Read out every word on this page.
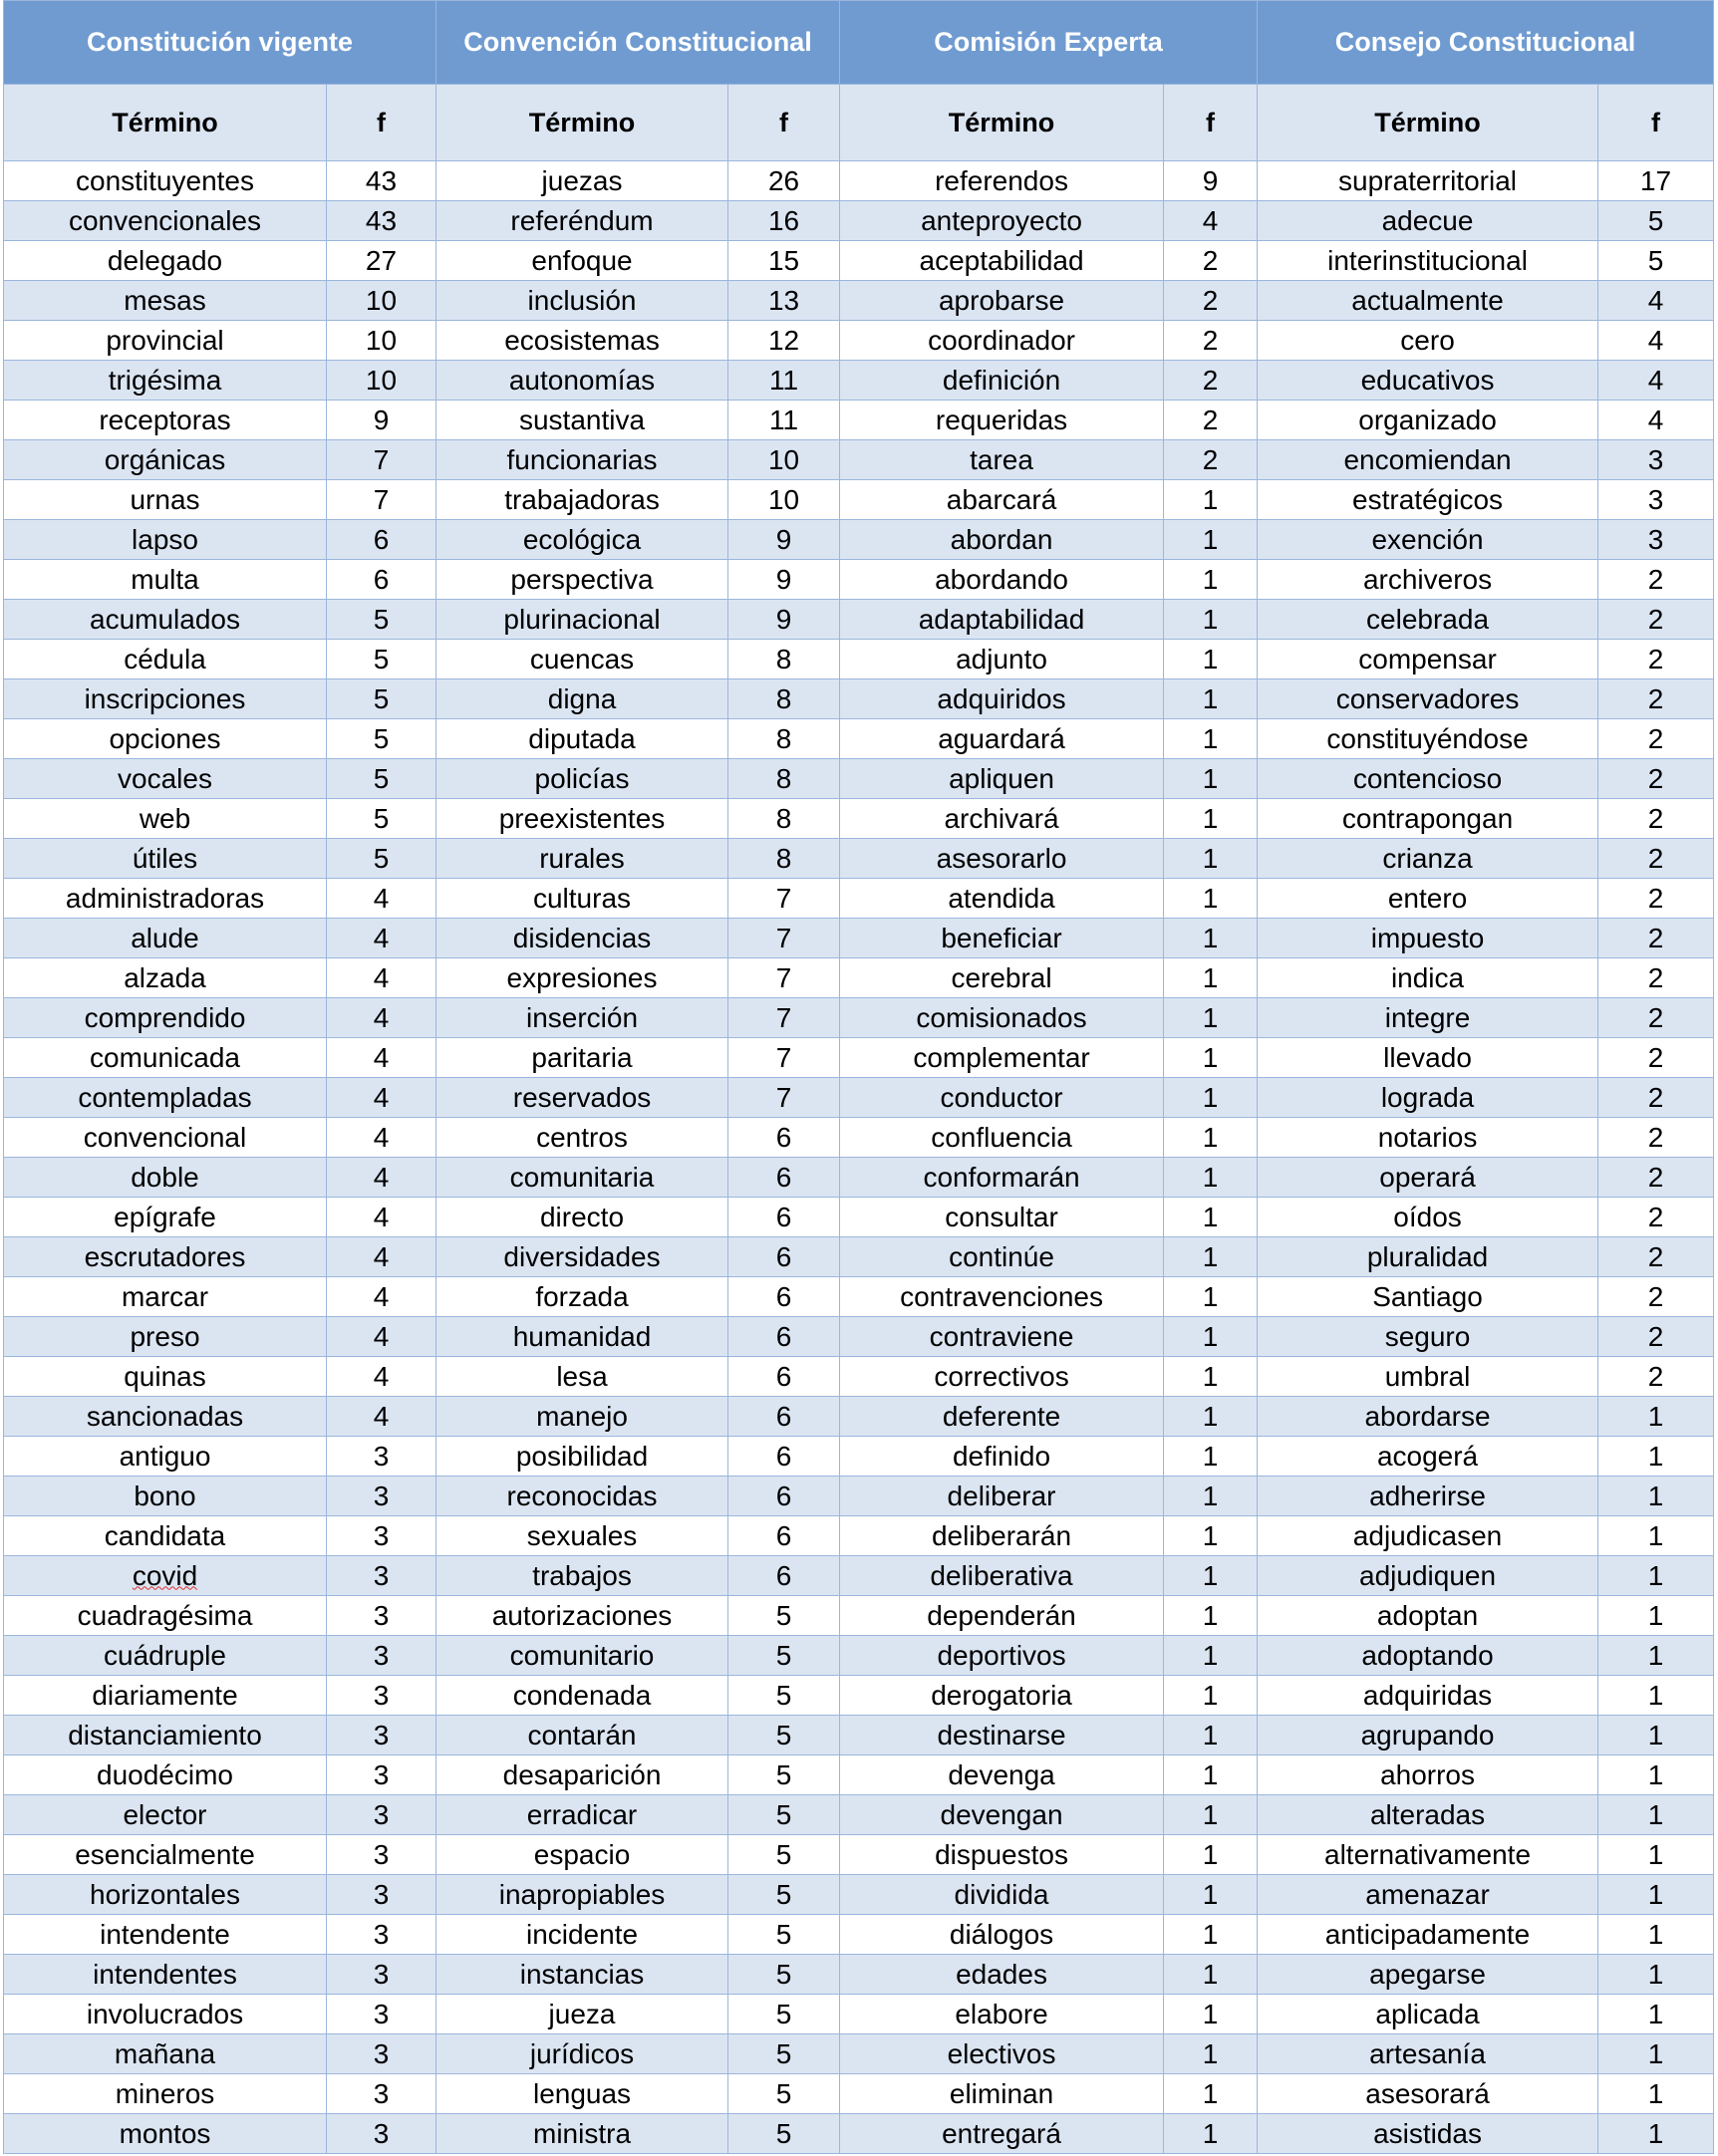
Constitución vigente		Convención Constitucional		Comisión Experta		Consejo Constitucional	
Término	f	Término	f	Término	f	Término	f
constituyentes	43	juezas	26	referendos	9	supraterritorial	17
convencionales	43	referéndum	16	anteproyecto	4	adecue	5
delegado	27	enfoque	15	aceptabilidad	2	interinstitucional	5
mesas	10	inclusión	13	aprobarse	2	actualmente	4
provincial	10	ecosistemas	12	coordinador	2	cero	4
trigésima	10	autonomías	11	definición	2	educativos	4
receptoras	9	sustantiva	11	requeridas	2	organizado	4
orgánicas	7	funcionarias	10	tarea	2	encomiendan	3
urnas	7	trabajadoras	10	abarcará	1	estratégicos	3
lapso	6	ecológica	9	abordan	1	exención	3
multa	6	perspectiva	9	abordando	1	archiveros	2
acumulados	5	plurinacional	9	adaptabilidad	1	celebrada	2
cédula	5	cuencas	8	adjunto	1	compensar	2
inscripciones	5	digna	8	adquiridos	1	conservadores	2
opciones	5	diputada	8	aguardará	1	constituyéndose	2
vocales	5	policías	8	apliquen	1	contencioso	2
web	5	preexistentes	8	archivará	1	contrapongan	2
útiles	5	rurales	8	asesorarlo	1	crianza	2
administradoras	4	culturas	7	atendida	1	entero	2
alude	4	disidencias	7	beneficiar	1	impuesto	2
alzada	4	expresiones	7	cerebral	1	indica	2
comprendido	4	inserción	7	comisionados	1	integre	2
comunicada	4	paritaria	7	complementar	1	llevado	2
contempladas	4	reservados	7	conductor	1	lograda	2
convencional	4	centros	6	confluencia	1	notarios	2
doble	4	comunitaria	6	conformarán	1	operará	2
epígrafe	4	directo	6	consultar	1	oídos	2
escrutadores	4	diversidades	6	continúe	1	pluralidad	2
marcar	4	forzada	6	contravenciones	1	Santiago	2
preso	4	humanidad	6	contraviene	1	seguro	2
quinas	4	lesa	6	correctivos	1	umbral	2
sancionadas	4	manejo	6	deferente	1	abordarse	1
antiguo	3	posibilidad	6	definido	1	acogerá	1
bono	3	reconocidas	6	deliberar	1	adherirse	1
candidata	3	sexuales	6	deliberarán	1	adjudicasen	1
covid	3	trabajos	6	deliberativa	1	adjudiquen	1
cuadragésima	3	autorizaciones	5	dependerán	1	adoptan	1
cuádruple	3	comunitario	5	deportivos	1	adoptando	1
diariamente	3	condenada	5	derogatoria	1	adquiridas	1
distanciamiento	3	contarán	5	destinarse	1	agrupando	1
duodécimo	3	desaparición	5	devenga	1	ahorros	1
elector	3	erradicar	5	devengan	1	alteradas	1
esencialmente	3	espacio	5	dispuestos	1	alternativamente	1
horizontales	3	inapropiables	5	dividida	1	amenazar	1
intendente	3	incidente	5	diálogos	1	anticipadamente	1
intendentes	3	instancias	5	edades	1	apegarse	1
involucrados	3	jueza	5	elabore	1	aplicada	1
mañana	3	jurídicos	5	electivos	1	artesanía	1
mineros	3	lenguas	5	eliminan	1	asesorará	1
montos	3	ministra	5	entregará	1	asistidas	1
